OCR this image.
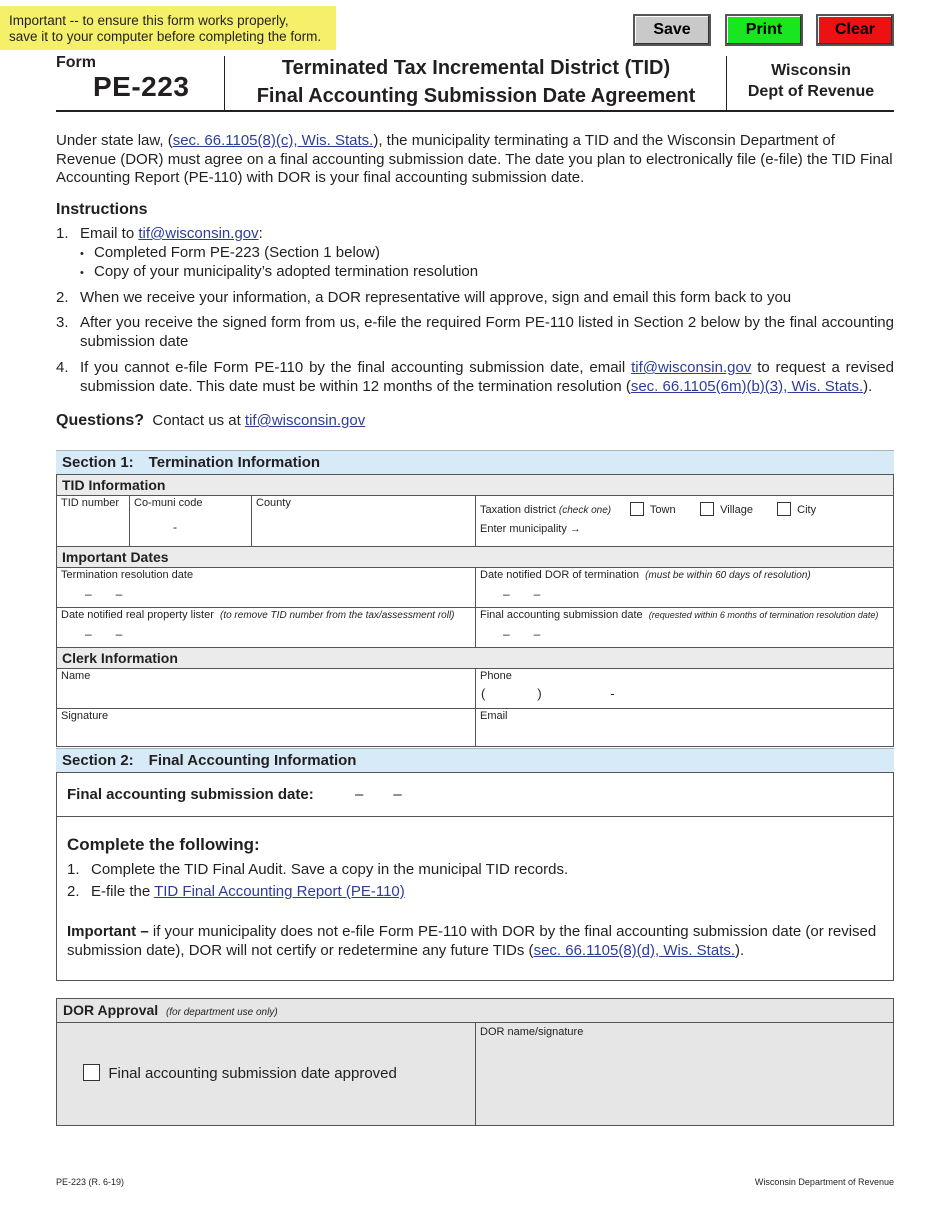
Important -- to ensure this form works properly,
save it to your computer before completing the form.	Save	Print	Clear
Form
PE-223
Terminated Tax Incremental District (TID)
Final Accounting Submission Date Agreement
Wisconsin
Dept of Revenue
Under state law, (sec. 66.1105(8)(c), Wis. Stats.), the municipality terminating a TID and the Wisconsin Department of Revenue (DOR) must agree on a final accounting submission date. The date you plan to electronically file (e-file) the TID Final Accounting Report (PE-110) with DOR is your final accounting submission date.
Instructions
1. Email to tif@wisconsin.gov:
• Completed Form PE-223 (Section 1 below)
• Copy of your municipality’s adopted termination resolution
2. When we receive your information, a DOR representative will approve, sign and email this form back to you
3. After you receive the signed form from us, e-file the required Form PE-110 listed in Section 2 below by the final accounting submission date
4. If you cannot e-file Form PE-110 by the final accounting submission date, email tif@wisconsin.gov to request a revised submission date. This date must be within 12 months of the termination resolution (sec. 66.1105(6m)(b)(3), Wis. Stats.).
Questions? Contact us at tif@wisconsin.gov
Section 1: Termination Information
TID Information
TID number	Co-muni code
-
County
Taxation district (check one)	Town	Village	City
Enter municipality →
Important Dates
Termination resolution date
–  –
Date notified DOR of termination (must be within 60 days of resolution)
–  –
Date notified real property lister (to remove TID number from the tax/assessment roll)
–  –
Final accounting submission date (requested within 6 months of termination resolution date)
–  –
Clerk Information
Name	Phone
(    )      -
Signature	Email
Section 2: Final Accounting Information
Final accounting submission date:	–  –
Complete the following:
1. Complete the TID Final Audit. Save a copy in the municipal TID records.
2. E-file the TID Final Accounting Report (PE-110)
Important – if your municipality does not e-file Form PE-110 with DOR by the final accounting submission date (or revised submission date), DOR will not certify or redetermine any future TIDs (sec. 66.1105(8)(d), Wis. Stats.).
DOR Approval (for department use only)
Final accounting submission date approved
DOR name/signature
PE-223 (R. 6-19)	Wisconsin Department of Revenue
